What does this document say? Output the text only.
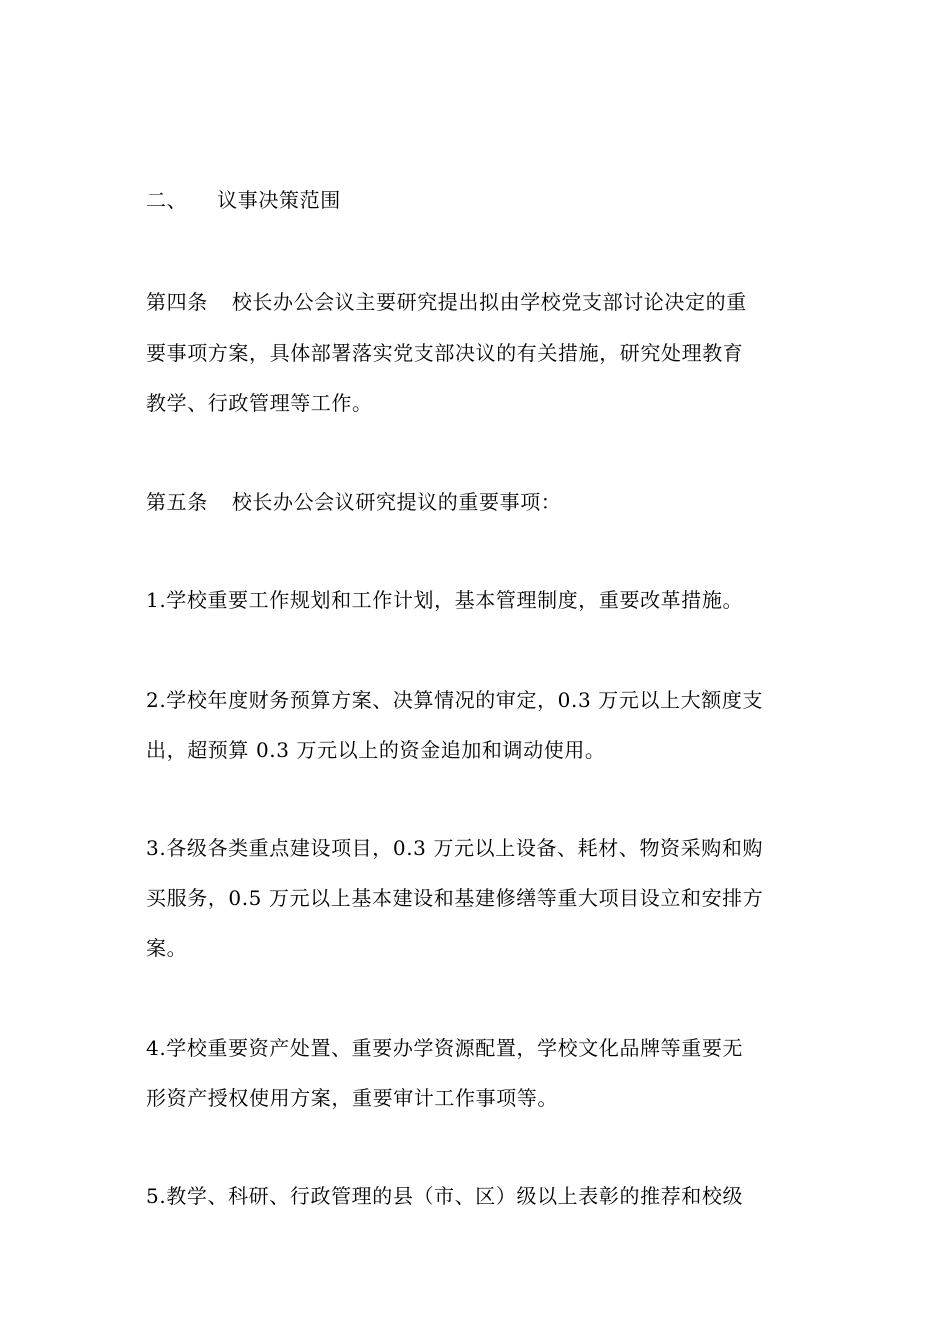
二、 议事决策范围
第四条 校长办公会议主要研究提出拟由学校党支部讨论决定的重
要事项方案，具体部署落实党支部决议的有关措施，研究处理教育
教学、行政管理等工作。
第五条 校长办公会议研究提议的重要事项：
1.学校重要工作规划和工作计划，基本管理制度，重要改革措施。
2.学校年度财务预算方案、决算情况的审定，0.3 万元以上大额度支
出，超预算 0.3 万元以上的资金追加和调动使用。
3.各级各类重点建设项目，0.3 万元以上设备、耗材、物资采购和购
买服务，0.5 万元以上基本建设和基建修缮等重大项目设立和安排方
案。
4.学校重要资产处置、重要办学资源配置，学校文化品牌等重要无
形资产授权使用方案，重要审计工作事项等。
5.教学、科研、行政管理的县（市、区）级以上表彰的推荐和校级
